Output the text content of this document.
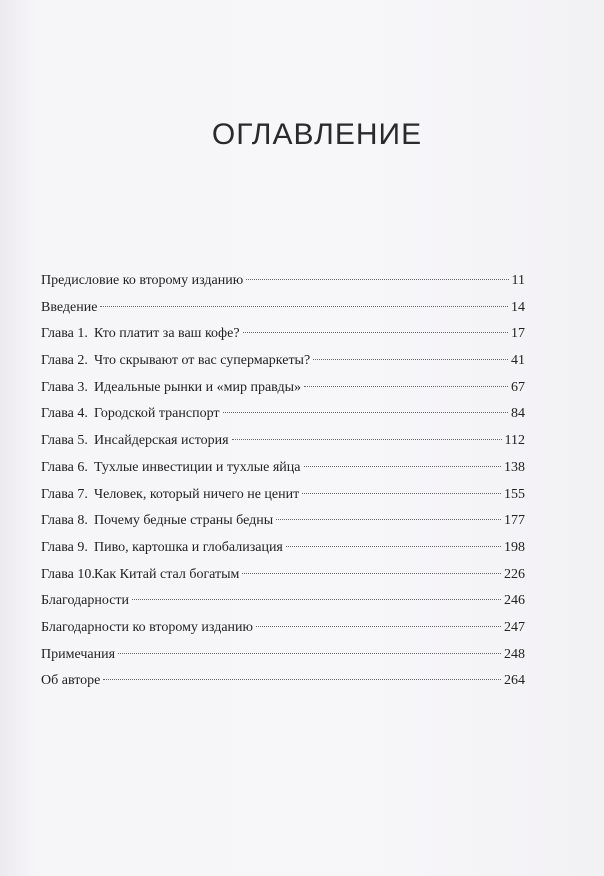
ОГЛАВЛЕНИЕ
Предисловие ко второму изданию	11
Введение	14
Глава 1. Кто платит за ваш кофе?	17
Глава 2. Что скрывают от вас супермаркеты?	41
Глава 3. Идеальные рынки и «мир правды»	67
Глава 4. Городской транспорт	84
Глава 5. Инсайдерская история	112
Глава 6. Тухлые инвестиции и тухлые яйца	138
Глава 7. Человек, который ничего не ценит	155
Глава 8. Почему бедные страны бедны	177
Глава 9. Пиво, картошка и глобализация	198
Глава 10. Как Китай стал богатым	226
Благодарности	246
Благодарности ко второму изданию	247
Примечания	248
Об авторе	264
